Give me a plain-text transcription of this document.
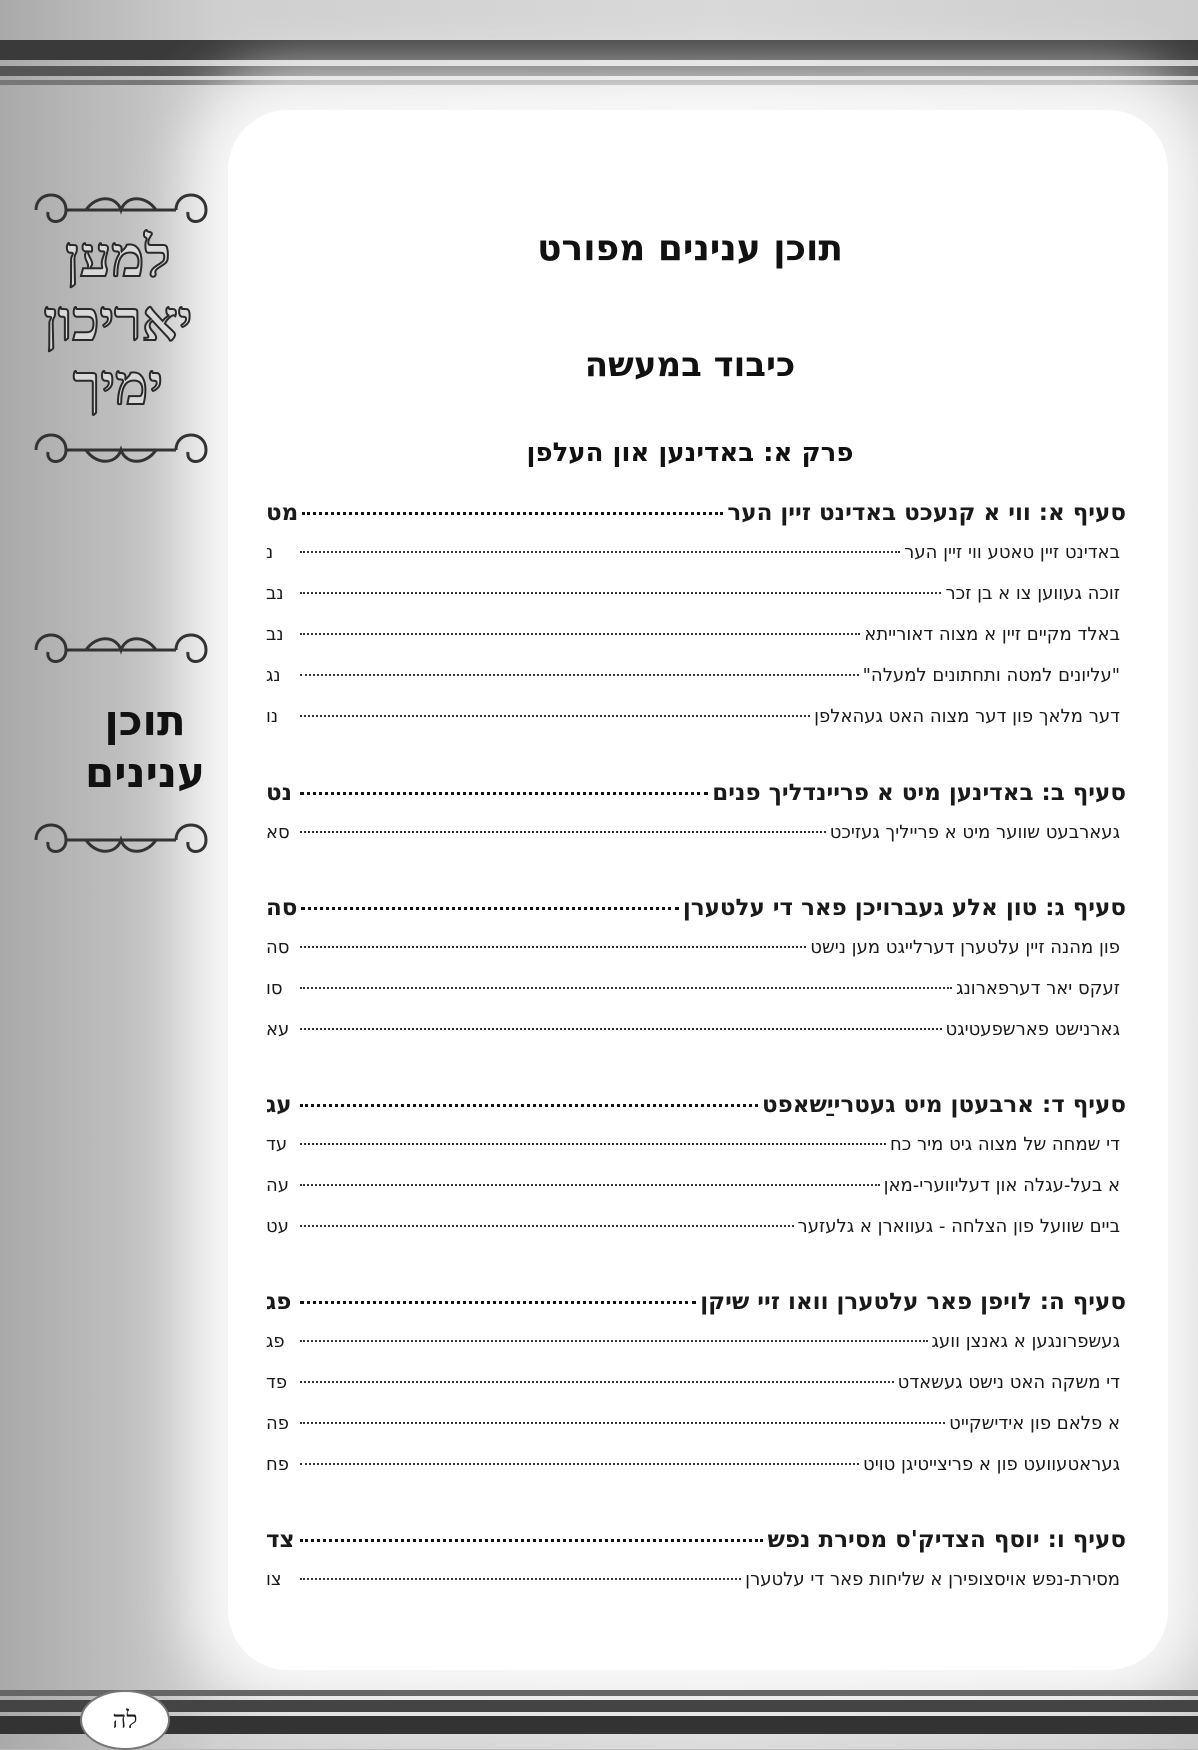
למען
יאריכון
ימיך
תוכן
ענינים
תוכן ענינים מפורט
כיבוד במעשה
פרק א: באדינען און העלפן
סעיף א: ווי א קנעכט באדינט זיין הער
מט
באדינט זיין טאטע ווי זיין הער
נ
זוכה געווען צו א בן זכר
נב
באלד מקיים זיין א מצוה דאורייתא
נב
"עליונים למטה ותחתונים למעלה"
נג
דער מלאך פון דער מצוה האט געהאלפן
נו
סעיף ב: באדינען מיט א פריינדליך פנים
נט
געארבעט שווער מיט א פרייליך געזיכט
סא
סעיף ג: טון אלע געברויכן פאר די עלטערן
סה
פון מהנה זיין עלטערן דערלייגט מען נישט
סה
זעקס יאר דערפארונג
סו
גארנישט פארשפעטיגט
עא
סעיף ד: ארבעטן מיט געטרייַשאפט
עג
די שמחה של מצוה גיט מיר כח
עד
א בעל-עגלה און דעליווערי-מאן
עה
ביים שוועל פון הצלחה - געווארן א גלעזער
עט
סעיף ה: לויפן פאר עלטערן וואו זיי שיקן
פג
געשפרונגען א גאנצן וועג
פג
די משקה האט נישט געשאדט
פד
א פלאם פון אידישקייט
פה
געראטעוועט פון א פריצייטיגן טויט
פח
סעיף ו: יוסף הצדיק'ס מסירת נפש
צד
מסירת-נפש אויסצופירן א שליחות פאר די עלטערן
צו
לה
